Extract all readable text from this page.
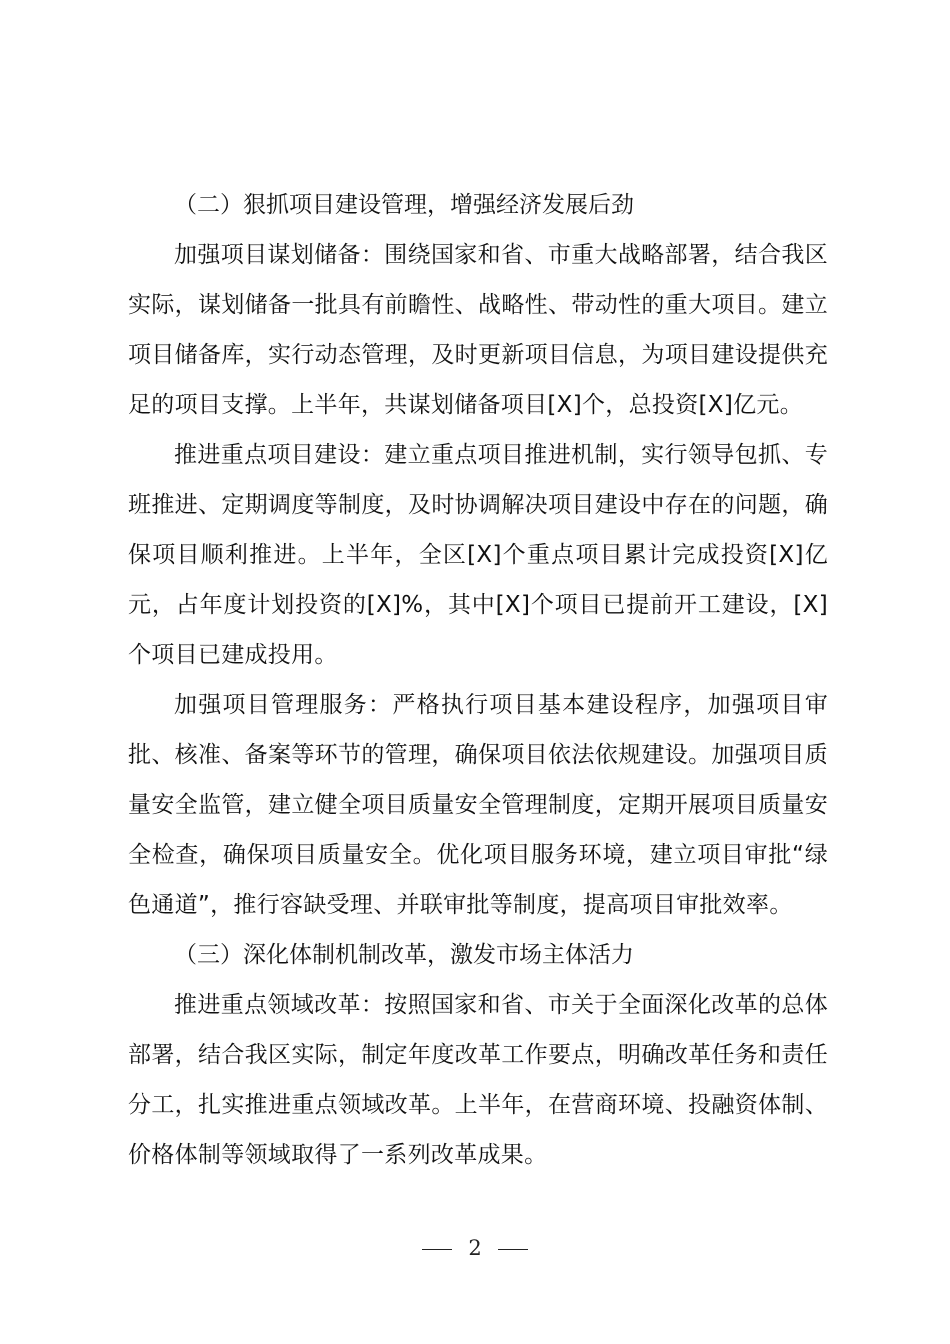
（二）狠抓项目建设管理，增强经济发展后劲

加强项目谋划储备：围绕国家和省、市重大战略部署，结合我区实际，谋划储备一批具有前瞻性、战略性、带动性的重大项目。建立项目储备库，实行动态管理，及时更新项目信息，为项目建设提供充足的项目支撑。上半年，共谋划储备项目[X]个，总投资[X]亿元。

推进重点项目建设：建立重点项目推进机制，实行领导包抓、专班推进、定期调度等制度，及时协调解决项目建设中存在的问题，确保项目顺利推进。上半年，全区[X]个重点项目累计完成投资[X]亿元，占年度计划投资的[X]%，其中[X]个项目已提前开工建设，[X]个项目已建成投用。

加强项目管理服务：严格执行项目基本建设程序，加强项目审批、核准、备案等环节的管理，确保项目依法依规建设。加强项目质量安全监管，建立健全项目质量安全管理制度，定期开展项目质量安全检查，确保项目质量安全。优化项目服务环境，建立项目审批“绿色通道”，推行容缺受理、并联审批等制度，提高项目审批效率。

（三）深化体制机制改革，激发市场主体活力

推进重点领域改革：按照国家和省、市关于全面深化改革的总体部署，结合我区实际，制定年度改革工作要点，明确改革任务和责任分工，扎实推进重点领域改革。上半年，在营商环境、投融资体制、价格体制等领域取得了一系列改革成果。

2
